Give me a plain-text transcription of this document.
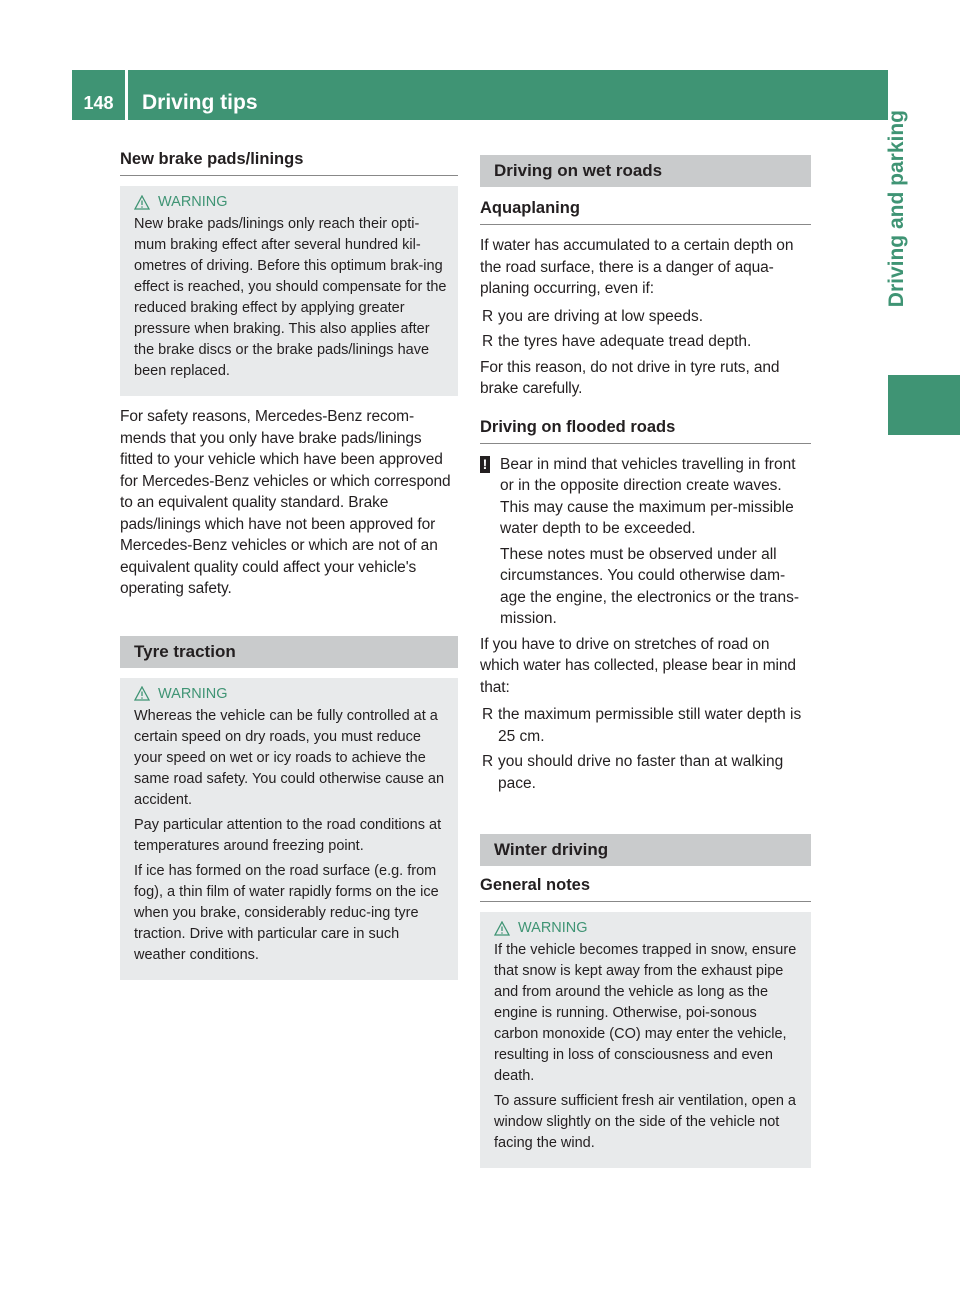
148	Driving tips
Driving and parking
New brake pads/linings
WARNING

New brake pads/linings only reach their opti-mum braking effect after several hundred kil-ometres of driving. Before this optimum brak-ing effect is reached, you should compensate for the reduced braking effect by applying greater pressure when braking. This also applies after the brake discs or the brake pads/linings have been replaced.

For safety reasons, Mercedes-Benz recom-mends that you only have brake pads/linings fitted to your vehicle which have been approved for Mercedes-Benz vehicles or which correspond to an equivalent quality standard. Brake pads/linings which have not been approved for Mercedes-Benz vehicles or which are not of an equivalent quality could affect your vehicle's operating safety.

Tyre traction
WARNING

Whereas the vehicle can be fully controlled at a certain speed on dry roads, you must reduce your speed on wet or icy roads to achieve the same road safety. You could otherwise cause an accident.

Pay particular attention to the road conditions at temperatures around freezing point.

If ice has formed on the road surface (e.g. from fog), a thin film of water rapidly forms on the ice when you brake, considerably reduc-ing tyre traction. Drive with particular care in such weather conditions.

Driving on wet roads
Aquaplaning

If water has accumulated to a certain depth on the road surface, there is a danger of aqua-planing occurring, even if:

R you are driving at low speeds.
R the tyres have adequate tread depth.

For this reason, do not drive in tyre ruts, and brake carefully.

Driving on flooded roads
! Bear in mind that vehicles travelling in front or in the opposite direction create waves. This may cause the maximum per-missible water depth to be exceeded.

These notes must be observed under all circumstances. You could otherwise dam-age the engine, the electronics or the trans-mission.

If you have to drive on stretches of road on which water has collected, please bear in mind that:

R the maximum permissible still water depth is 25 cm.
R you should drive no faster than at walking pace.
Winter driving
General notes
WARNING

If the vehicle becomes trapped in snow, ensure that snow is kept away from the exhaust pipe and from around the vehicle as long as the engine is running. Otherwise, poi-sonous carbon monoxide (CO) may enter the vehicle, resulting in loss of consciousness and even death.

To assure sufficient fresh air ventilation, open a window slightly on the side of the vehicle not facing the wind.
